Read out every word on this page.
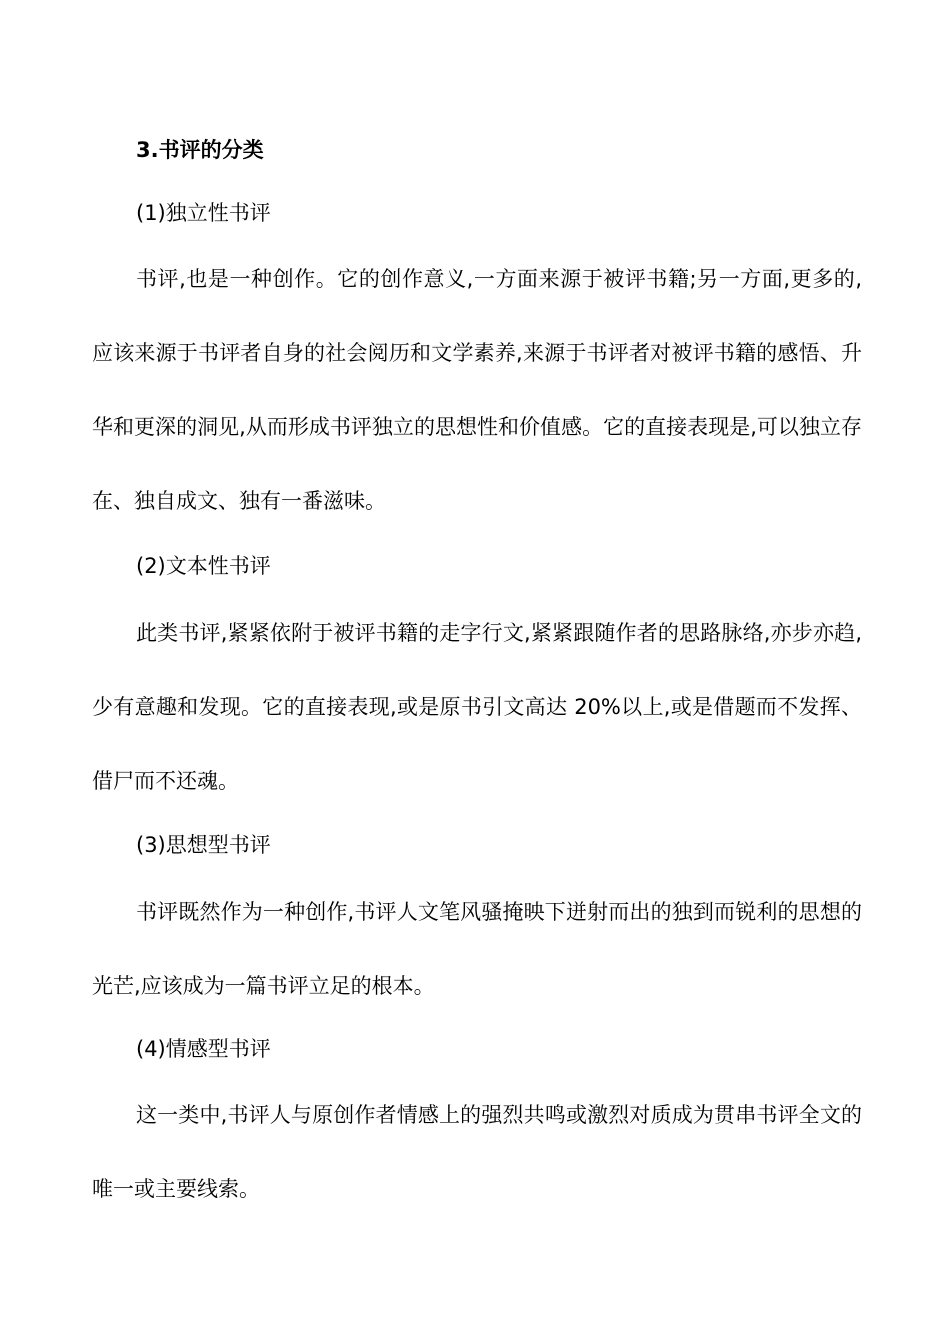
3.书评的分类
(1)独立性书评

书评,也是一种创作。它的创作意义,一方面来源于被评书籍;另一方面,更多的,应该来源于书评者自身的社会阅历和文学素养,来源于书评者对被评书籍的感悟、升华和更深的洞见,从而形成书评独立的思想性和价值感。它的直接表现是,可以独立存在、独自成文、独有一番滋味。

(2)文本性书评

此类书评,紧紧依附于被评书籍的走字行文,紧紧跟随作者的思路脉络,亦步亦趋,少有意趣和发现。它的直接表现,或是原书引文高达 20%以上,或是借题而不发挥、借尸而不还魂。

(3)思想型书评

书评既然作为一种创作,书评人文笔风骚掩映下迸射而出的独到而锐利的思想的光芒,应该成为一篇书评立足的根本。

(4)情感型书评

这一类中,书评人与原创作者情感上的强烈共鸣或激烈对质成为贯串书评全文的唯一或主要线索。
